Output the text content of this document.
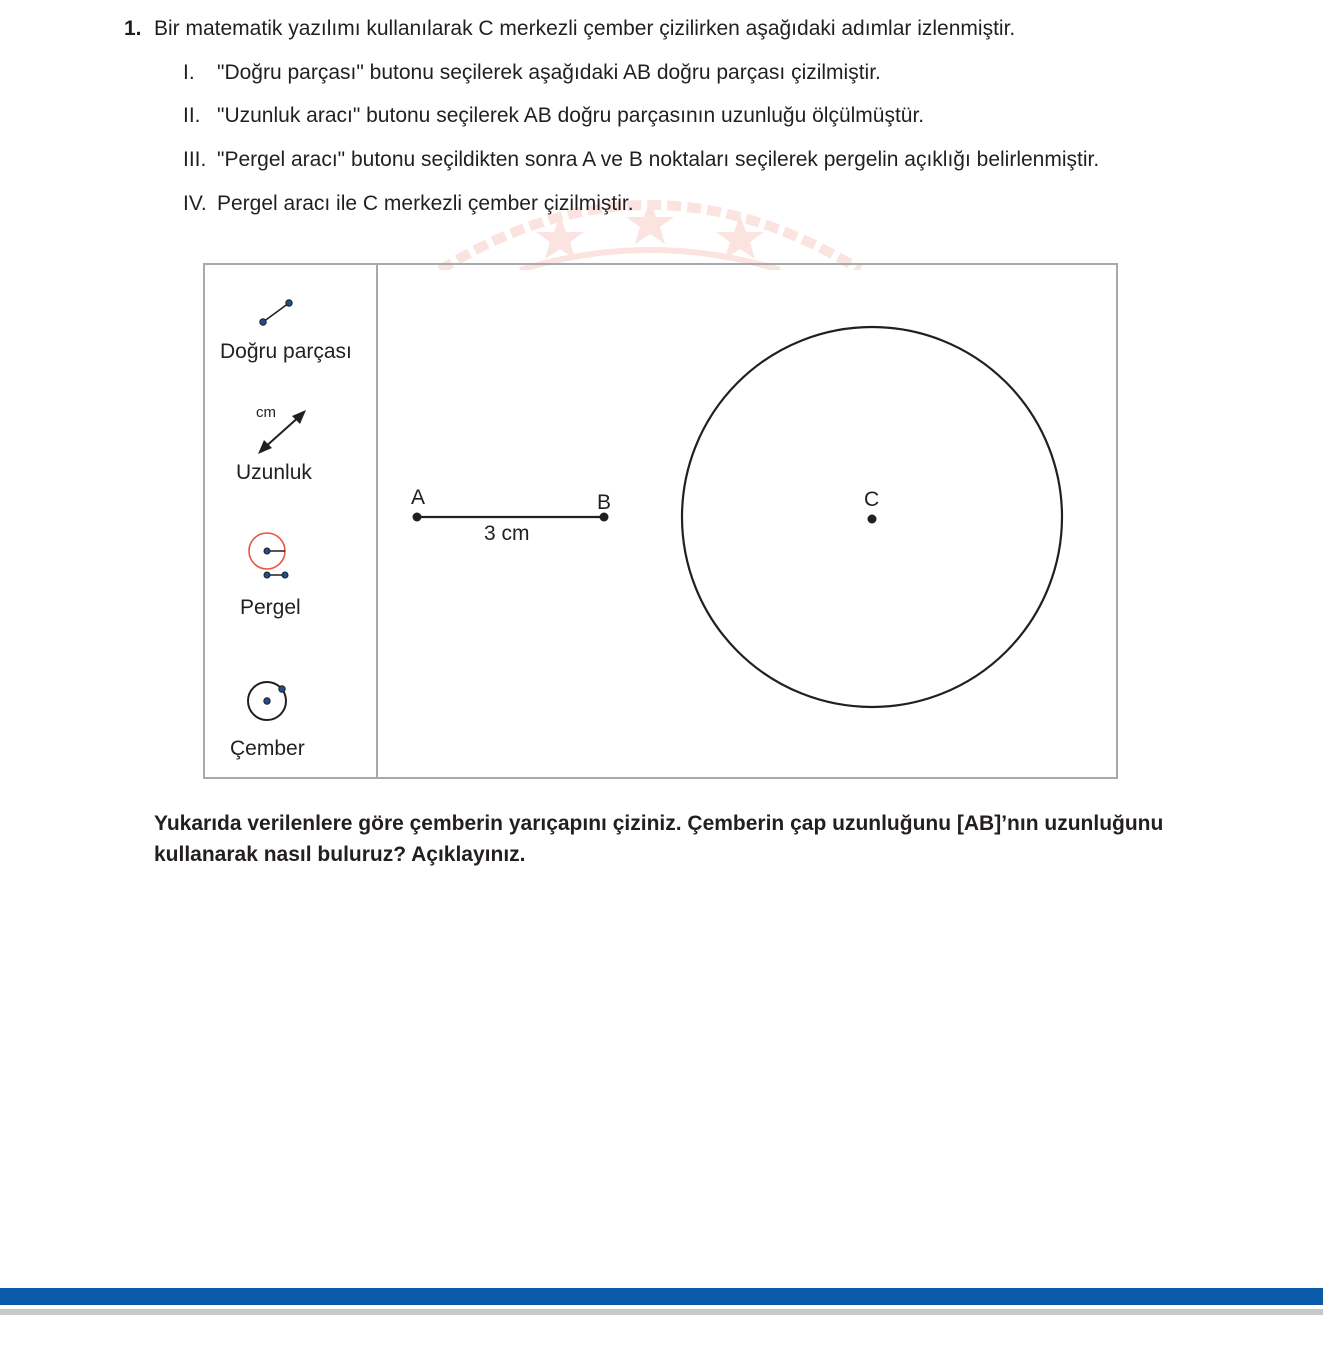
1. Bir matematik yazılımı kullanılarak C merkezli çember çizilirken aşağıdaki adımlar izlenmiştir.
I. "Doğru parçası" butonu seçilerek aşağıdaki AB doğru parçası çizilmiştir.
II. "Uzunluk aracı" butonu seçilerek AB doğru parçasının uzunluğu ölçülmüştür.
III. "Pergel aracı" butonu seçildikten sonra A ve B noktaları seçilerek pergelin açıklığı belirlenmiştir.
IV. Pergel aracı ile C merkezli çember çizilmiştir.
Doğru parçası
cm
Uzunluk
Pergel
Çember
A	B
3 cm
C
Yukarıda verilenlere göre çemberin yarıçapını çiziniz. Çemberin çap uzunluğunu [AB]’nın uzunluğunu kullanarak nasıl buluruz? Açıklayınız.
